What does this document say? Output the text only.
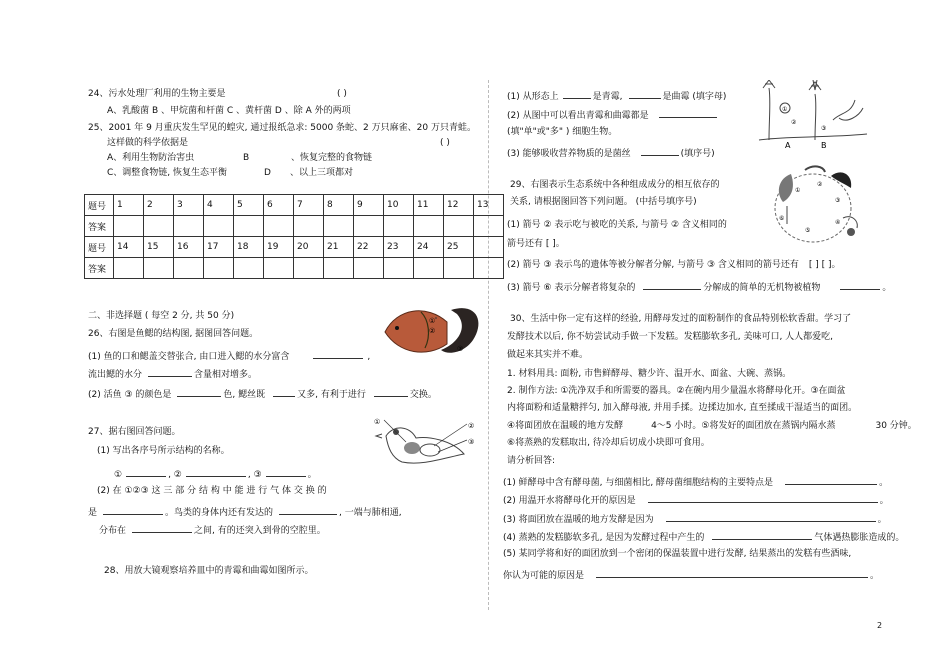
24、污水处理厂利用的生物主要是	( )
A、乳酸菌 B 、甲烷菌和杆菌 C 、黄杆菌 D 、除 A 外的两项
25、2001 年 9 月重庆发生罕见的蝗灾, 通过报纸急求: 5000 条蛇、2 万只麻雀、20 万只青蛙。
这样做的科学依据是	( )
A、利用生物防治害虫	B	、恢复完整的食物链
C、调整食物链, 恢复生态平衡	D 、以上三项都对
题号	1	2	3	4	5	6	7	8	9	10	11	12	13
答案													
题号	14	15	16	17	18	19	20	21	22	23	24	25	
答案													
二、非选择题 ( 每空 2 分, 共 50 分)
26、右图是鱼鳃的结构图, 据图回答问题。
(1) 鱼的口和鳃盖交替张合, 由口进入鳃的水分富含	,
流出鳃的水分	含量相对增多。
(2) 活鱼 ③ 的颜色是	色, 鳃丝既	又多, 有利于进行	交换。
①
②
③
27、据右图回答问题。
(1) 写出各序号所示结构的名称。
①	, ②	, ③	。
(2) 在 ①②③ 这 三 部 分 结 构 中 能 进 行 气 体 交 换 的
是	。鸟类的身体内还有发达的	, 一端与肺相通,
分布在	之间, 有的还突入到骨的空腔里。
①	②
③
28、用放大镜观察培养皿中的青霉和曲霉如图所示。
(1) 从形态上	是青霉,	是曲霉 (填字母)
(2) 从图中可以看出青霉和曲霉都是
(填"单"或"多" ) 细胞生物。
(3) 能够吸收营养物质的是菌丝	(填序号)
①
②
③
A	B
29、右图表示生态系统中各种组成成分的相互依存的
关系, 请根据图回答下列问题。 (中括号填序号)
(1) 箭号 ② 表示吃与被吃的关系, 与箭号 ② 含义相同的
箭号还有 [ ]。
(2) 箭号 ③ 表示鸟的遗体等被分解者分解, 与箭号 ③ 含义相同的箭号还有 [ ] [ ]。
(3) 箭号 ⑥ 表示分解者将复杂的	分解成的简单的无机物被植物	。
①
②
③
④
⑤
⑥
30、生活中你一定有这样的经验, 用酵母发过的面粉制作的食品特别松软香甜。学习了
发酵技术以后, 你不妨尝试动手做一下发糕。发糕膨软多孔, 美味可口, 人人都爱吃,
做起来其实并不难。
1. 材料用具: 面粉, 市售鲜酵母、糖少许、温开水、面盆、大碗、蒸锅。
2. 制作方法: ①洗净双手和所需要的器具。②在碗内用少量温水将酵母化开。③在面盆
内将面粉和适量糖拌匀, 加入酵母液, 并用手揉。边揉边加水, 直至揉成干湿适当的面团。
④将面团放在温暖的地方发酵	4～5 小时。⑤将发好的面团放在蒸锅内隔水蒸	30 分钟。
⑥将蒸熟的发糕取出, 待冷却后切成小块即可食用。
请分析回答:
(1) 鲜酵母中含有酵母菌, 与细菌相比, 酵母菌细胞结构的主要特点是	。
(2) 用温开水将酵母化开的原因是	。
(3) 将面团放在温暖的地方发酵是因为	。
(4) 蒸熟的发糕膨软多孔, 是因为发酵过程中产生的	气体遇热膨胀造成的。
(5) 某同学将和好的面团放到一个密闭的保温装置中进行发酵, 结果蒸出的发糕有些酒味,
你认为可能的原因是	。
2
